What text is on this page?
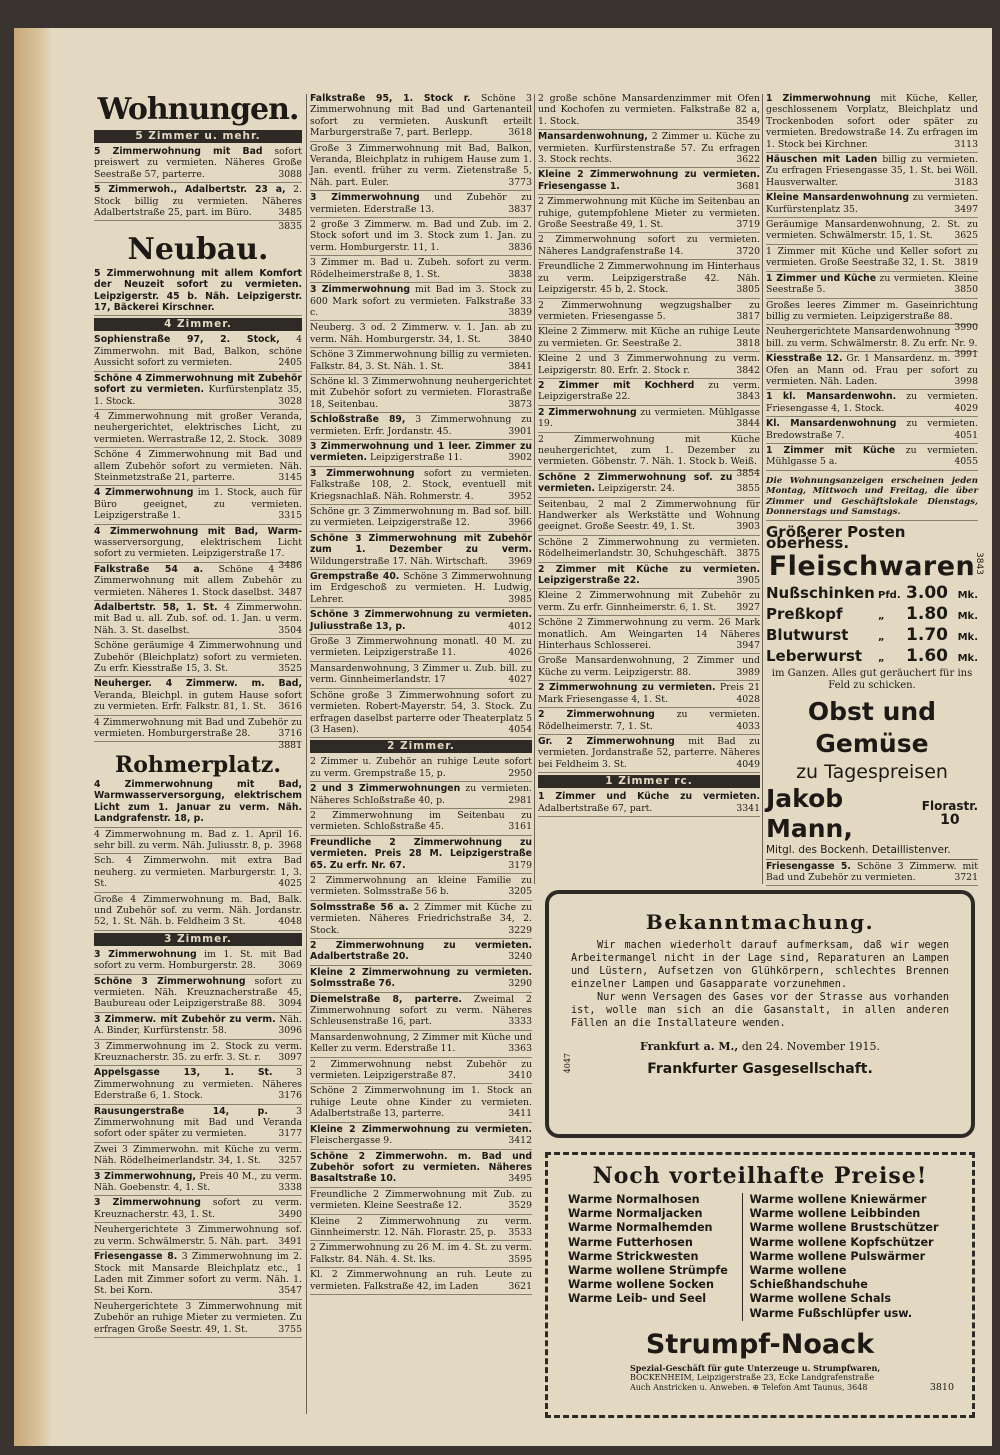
Wohnungen.
5 Zimmer u. mehr.
5 Zimmerwohnung mit Bad sofort preiswert zu vermieten. Näheres Große Seestraße 57, parterre.	3088
5 Zimmerwoh., Adalbertstr. 23 a, 2. Stock billig zu vermieten. Näheres Adalbertstraße 25, part. im Büro.	3485
3835
Neubau.
5 Zimmerwohnung mit allem Komfort der Neuzeit sofort zu vermieten. Leipzigerstr. 45 b. Näh. Leipzigerstr. 17, Bäckerei Kirschner.
4 Zimmer.
Sophienstraße 97, 2. Stock, 4 Zimmerwohn. mit Bad, Balkon, schöne Aussicht sofort zu vermieten.	2405
Schöne 4 Zimmerwohnung mit Zubehör sofort zu vermieten. Kurfürstenplatz 35, 1. Stock.	3028
4 Zimmerwohnung mit großer Veranda, neuhergerichtet, elektrisches Licht, zu vermieten. Werrastraße 12, 2. Stock. 3089
Schöne 4 Zimmerwohnung mit Bad und allem Zubehör sofort zu vermieten. Näh. Steinmetzstraße 21, parterre.	3145
4 Zimmerwohnung im 1. Stock, auch für Büro geeignet, zu vermieten. Leipzigerstraße 1.	3315
4 Zimmerwohnung mit Bad, Warm- wasserversorgung, elektrischem Licht sofort zu vermieten. Leipzigerstraße 17.
3486
Falkstraße 54 a. Schöne 4 Zimmerwohnung mit allem Zubehör zu vermieten. Näheres 1. Stock daselbst. 3487
Adalbertstr. 58, 1. St. 4 Zimmerwohn. mit Bad u. all. Zub. sof. od. 1. Jan. u verm. Näh. 3. St. daselbst.	3504
Schöne geräumige 4 Zimmerwohnung und Zubehör (Bleichplatz) sofort zu vermieten. Zu erfr. Kiesstraße 15, 3. St.	3525
Neuherger. 4 Zimmerw. m. Bad, Veranda, Bleichpl. in gutem Hause sofort zu vermieten. Erfr. Falkstr. 81, 1. St. 3616
4 Zimmerwohnung mit Bad und Zubehör zu vermieten. Homburgerstraße 28.	3716
3881
Rohmerplatz.
4 Zimmerwohnung mit Bad, Warmwasserversorgung, elektrischem Licht zum 1. Januar zu verm. Näh. Landgrafenstr. 18, p.
4 Zimmerwohnung m. Bad z. 1. April 16. sehr bill. zu verm. Näh. Juliusstr. 8, p. 3968
Sch. 4 Zimmerwohn. mit extra Bad neuherg. zu vermieten. Marburgerstr. 1, 3. St.	4025
Große 4 Zimmerwohnung m. Bad, Balk. und Zubehör sof. zu verm. Näh. Jordanstr. 52, 1. St. Näh. b. Feldheim 3 St.	4048
3 Zimmer.
3 Zimmerwohnung im 1. St. mit Bad sofort zu verm. Homburgerstr. 28. 3069
Schöne 3 Zimmerwohnung sofort zu vermieten. Näh. Kreuznacherstraße 45, Baubureau oder Leipzigerstraße 88. 3094
3 Zimmerw. mit Zubehör zu verm. Näh. A. Binder, Kurfürstenstr. 58.	3096
3 Zimmerwohnung im 2. Stock zu verm. Kreuznacherstr. 35. zu erfr. 3. St. r. 3097
Appelsgasse 13, 1. St.	3 Zimmerwohnung zu vermieten. Näheres Ederstraße 6, 1. Stock.	3176
Rausungerstraße 14, p.	3 Zimmerwohnung mit Bad und Veranda sofort oder später zu vermieten.	3177
Zwei 3 Zimmerwohn. mit Küche zu verm. Näh. Rödelheimerlandstr. 34, 1. St. 3257
3 Zimmerwohnung, Preis 40 M., zu verm. Näh. Goebenstr. 4, 1. St.	3338
3 Zimmerwohnung sofort zu verm. Kreuznacherstr. 43, 1. St.	3490
Neuhergerichtete 3 Zimmerwohnung sof. zu verm. Schwälmerstr. 5. Näh. part. 3491
Friesengasse 8. 3 Zimmerwohnung im 2. Stock mit Mansarde Bleichplatz etc., 1 Laden mit Zimmer sofort zu verm. Näh. 1. St. bei Korn.	3547
Neuhergerichtete 3 Zimmerwohnung mit Zubehör an ruhige Mieter zu vermieten. Zu erfragen Große Seestr. 49, 1. St.	3755
Falkstraße 95, 1. Stock r. Schöne 3 Zimmerwohnung mit Bad und Gartenanteil sofort zu vermieten. Auskunft erteilt Marburgerstraße 7, part. Berlepp.	3618
Große 3 Zimmerwohnung mit Bad, Balkon, Veranda, Bleichplatz in ruhigem Hause zum 1. Jan. eventl. früher zu verm. Zietenstraße 5, Näh. part. Euler.	3773
3 Zimmerwohnung und Zubehör zu vermieten. Ederstraße 13.	3837
2 große 3 Zimmerw. m. Bad und Zub. im 2. Stock sofort und im 3. Stock zum 1. Jan. zu verm. Homburgerstr. 11, 1.	3836
3 Zimmer m. Bad u. Zubeh. sofort zu verm. Rödelheimerstraße 8, 1. St.	3838
3 Zimmerwohnung mit Bad im 3. Stock zu 600 Mark sofort zu vermieten. Falkstraße 33 c.	3839
Neuberg. 3 od. 2 Zimmerw. v. 1. Jan. ab zu verm. Näh. Homburgerstr. 34, 1. St.	3840
Schöne 3 Zimmerwohnung billig zu vermieten. Falkstr. 84, 3. St. Näh. 1. St.	3841
Schöne kl. 3 Zimmerwohnung neuhergerichtet mit Zubehör sofort zu vermieten. Florastraße 18, Seitenbau.	3873
Schloßstraße 89, 3 Zimmerwohnung zu vermieten. Erfr. Jordanstr. 45.	3901
3 Zimmerwohnung und 1 leer. Zimmer zu vermieten. Leipzigerstraße 11.	3902
3 Zimmerwohnung sofort zu vermieten. Falkstraße 108, 2. Stock, eventuell mit Kriegsnachlaß. Näh. Rohmerstr. 4.	3952
Schöne gr. 3 Zimmerwohnung m. Bad sof. bill. zu vermieten. Leipzigerstraße 12.	3966
Schöne 3 Zimmerwohnung mit Zubehör zum 1. Dezember zu verm. Wildungerstraße 17. Näh. Wirtschaft. 3969
Grempstraße 40. Schöne 3 Zimmerwohnung im Erdgeschoß zu vermieten. H. Ludwig, Lehrer.	3985
Schöne 3 Zimmerwohnung zu vermieten. Juliusstraße 13, p.	4012
Große 3 Zimmerwohnung monatl. 40 M. zu vermieten. Leipzigerstraße 11.	4026
Mansardenwohnung, 3 Zimmer u. Zub. bill. zu verm. Ginnheimerlandstr. 17	4027
Schöne große 3 Zimmerwohnung sofort zu vermieten. Robert-Mayerstr. 54, 3. Stock. Zu erfragen daselbst parterre oder Theaterplatz 5 (3 Hasen).	4054
2 Zimmer.
2 Zimmer u. Zubehör an ruhige Leute sofort zu verm. Grempstraße 15, p.	2950
2 und 3 Zimmerwohnungen zu vermieten. Näheres Schloßstraße 40, p.	2981
2 Zimmerwohnung im Seitenbau zu vermieten. Schloßstraße 45.	3161
Freundliche 2 Zimmerwohnung zu vermieten. Preis 28 M. Leipzigerstraße 65. Zu erfr. Nr. 67.	3179
2 Zimmerwohnung an kleine Familie zu vermieten. Solmsstraße 56 b.	3205
Solmsstraße 56 a. 2 Zimmer mit Küche zu vermieten. Näheres Friedrichstraße 34, 2. Stock.	3229
2 Zimmerwohnung zu vermieten. Adalbertstraße 20.	3240
Kleine 2 Zimmerwohnung zu vermieten. Solmsstraße 76.	3290
Diemelstraße 8, parterre. Zweimal 2 Zimmerwohnung sofort zu verm. Näheres Schleusenstraße 16, part.	3333
Mansardenwohnung, 2 Zimmer mit Küche und Keller zu verm. Ederstraße 11.	3363
2 Zimmerwohnung nebst Zubehör zu vermieten. Leipzigerstraße 87.	3410
Schöne 2 Zimmerwohnung im 1. Stock an ruhige Leute ohne Kinder zu vermieten. Adalbertstraße 13, parterre.	3411
Kleine 2 Zimmerwohnung zu vermieten. Fleischergasse 9.	3412
Schöne 2 Zimmerwohn. m. Bad und Zubehör sofort zu vermieten. Näheres Basaltstraße 10.	3495
Freundliche 2 Zimmerwohnung mit Zub. zu vermieten. Kleine Seestraße 12.	3529
Kleine 2 Zimmerwohnung zu verm. Ginnheimerstr. 12. Näh. Florastr. 25, p. 3533
2 Zimmerwohnung zu 26 M. im 4. St. zu verm. Falkstr. 84. Näh. 4. St. lks.	3595
Kl. 2 Zimmerwohnung an ruh. Leute zu vermieten. Falkstraße 42, im Laden	3621
2 große schöne Mansardenzimmer mit Ofen und Kochofen zu vermieten. Falkstraße 82 a, 1. Stock.	3549
Mansardenwohnung, 2 Zimmer u. Küche zu vermieten. Kurfürstenstraße 57. Zu erfragen 3. Stock rechts.	3622
Kleine 2 Zimmerwohnung zu vermieten. Friesengasse 1.	3681
2 Zimmerwohnung mit Küche im Seitenbau an ruhige, gutempfohlene Mieter zu vermieten. Große Seestraße 49, 1. St.	3719
2 Zimmerwohnung sofort zu vermieten. Näheres Landgrafenstraße 14.	3720
Freundliche 2 Zimmerwohnung im Hinterhaus zu verm. Leipzigerstraße 42. Näh. Leipzigerstr. 45 b, 2. Stock.	3805
2 Zimmerwohnung wegzugshalber zu vermieten. Friesengasse 5.	3817
Kleine 2 Zimmerw. mit Küche an ruhige Leute zu vermieten. Gr. Seestraße 2.	3818
Kleine 2 und 3 Zimmerwohnung zu verm. Leipzigerstr. 80. Erfr. 2. Stock r.	3842
2 Zimmer mit Kochherd zu verm. Leipzigerstraße 22.	3843
2 Zimmerwohnung zu vermieten. Mühlgasse 19.	3844
2 Zimmerwohnung mit Küche neuhergerichtet, zum 1. Dezember zu vermieten. Göbenstr. 7. Näh. 1. Stock b. Weiß.
3854
Schöne 2 Zimmerwohnung sof. zu vermieten. Leipzigerstr. 24.	3855
Seitenbau, 2 mal 2 Zimmerwohnung für Handwerker als Werkstätte und Wohnung geeignet. Große Seestr. 49, 1. St.	3903
Schöne 2 Zimmerwohnung zu vermieten. Rödelheimerlandstr. 30, Schuhgeschäft. 3875
2 Zimmer mit Küche zu vermieten. Leipzigerstraße 22.	3905
Kleine 2 Zimmerwohnung mit Zubehör zu verm. Zu erfr. Ginnheimerstr. 6, 1. St. 3927
Schöne 2 Zimmerwohnung zu verm. 26 Mark monatlich. Am Weingarten 14 Näheres Hinterhaus Schlosserei.	3947
Große Mansardenwohnung, 2 Zimmer und Küche zu verm. Leipzigerstr. 88.	3989
2 Zimmerwohnung zu vermieten. Preis 21 Mark Friesengasse 4, 1. St.	4028
2 Zimmerwohnung zu vermieten. Rödelheimerstr. 7, 1. St.	4033
Gr. 2 Zimmerwohnung mit Bad zu vermieten. Jordanstraße 52, parterre. Näheres bei Feldheim 3. St.	4049
1 Zimmer rc.
1 Zimmer und Küche zu vermieten. Adalbertstraße 67, part.	3341
1 Zimmerwohnung mit Küche, Keller, geschlossenem Vorplatz, Bleichplatz und Trockenboden sofort oder später zu vermieten. Bredowstraße 14. Zu erfragen im 1. Stock bei Kirchner.	3113
Häuschen mit Laden billig zu vermieten. Zu erfragen Friesengasse 35, 1. St. bei Wöll. Hausverwalter.	3183
Kleine Mansardenwohnung zu vermieten. Kurfürstenplatz 35.	3497
Geräumige Mansardenwohnung, 2. St. zu vermieten. Schwälmerstr. 15, 1. St. 3625
1 Zimmer mit Küche und Keller sofort zu vermieten. Große Seestraße 32, 1. St. 3819
1 Zimmer und Küche zu vermieten. Kleine Seestraße 5.	3850
Großes leeres Zimmer m. Gaseinrichtung billig zu vermieten. Leipzigerstraße 88.
3990
Neuhergerichtete Mansardenwohnung bill. zu verm. Schwälmerstr. 8. Zu erfr. Nr. 9.
3991
Kiesstraße 12. Gr. 1 Mansardenz. m. Ofen an Mann od. Frau per sofort zu vermieten. Näh. Laden.	3998
1 kl. Mansardenwohn. zu vermieten. Friesengasse 4, 1. Stock.	4029
Kl. Mansardenwohnung zu vermieten. Bredowstraße 7.	4051
1 Zimmer mit Küche zu vermieten. Mühlgasse 5 a.	4055
Die Wohnungsanzeigen erscheinen jeden Montag, Mittwoch und Freitag, die über Zimmer und Geschäftslokale Dienstags, Donnerstags und Samstags.
Größerer Posten oberhess.
Fleischwaren
3843
Nußschinken Pfd. 3.00 Mk.
Preßkopf	„	1.80 Mk.
Blutwurst	„	1.70 Mk.
Leberwurst	„	1.60 Mk.
im Ganzen. Alles gut geräuchert für ins Feld zu schicken.
Obst und Gemüse
zu Tagespreisen
Jakob Mann,
Florastr.
10
Mitgl. des Bockenh. Detaillistenver.
Friesengasse 5. Schöne 3 Zimmerw. mit Bad und Zubehör zu vermieten.	3721
Bekanntmachung.
Wir machen wiederholt darauf aufmerksam, daß wir wegen Arbeitermangel nicht in der Lage sind, Reparaturen an Lampen und Lüstern, Aufsetzen von Glühkörpern, schlechtes Brennen einzelner Lampen und Gasapparate vorzunehmen.
Nur wenn Versagen des Gases vor der Strasse aus vorhanden ist, wolle man sich an die Gasanstalt, in allen anderen Fällen an die Installateure wenden.
Frankfurt a. M., den 24. November 1915.
4047	Frankfurter Gasgesellschaft.
Noch vorteilhafte Preise!
Warme Normalhosen
Warme Normaljacken
Warme Normalhemden
Warme Futterhosen
Warme Strickwesten
Warme wollene Strümpfe
Warme wollene Socken
Warme Leib- und Seel
Warme wollene Kniewärmer
Warme wollene Leibbinden
Warme wollene Brustschützer
Warme wollene Kopfschützer
Warme wollene Pulswärmer
Warme wollene Schießhandschuhe
Warme wollene Schals
Warme Fußschlüpfer usw.
Strumpf-Noack
Spezial-Geschäft für gute Unterzeuge u. Strumpfwaren,
BOCKENHEIM, Leipzigerstraße 23, Ecke Landgrafenstraße
Auch Anstricken u. Anweben. ⊕ Telefon Amt Taunus, 3648	3810
